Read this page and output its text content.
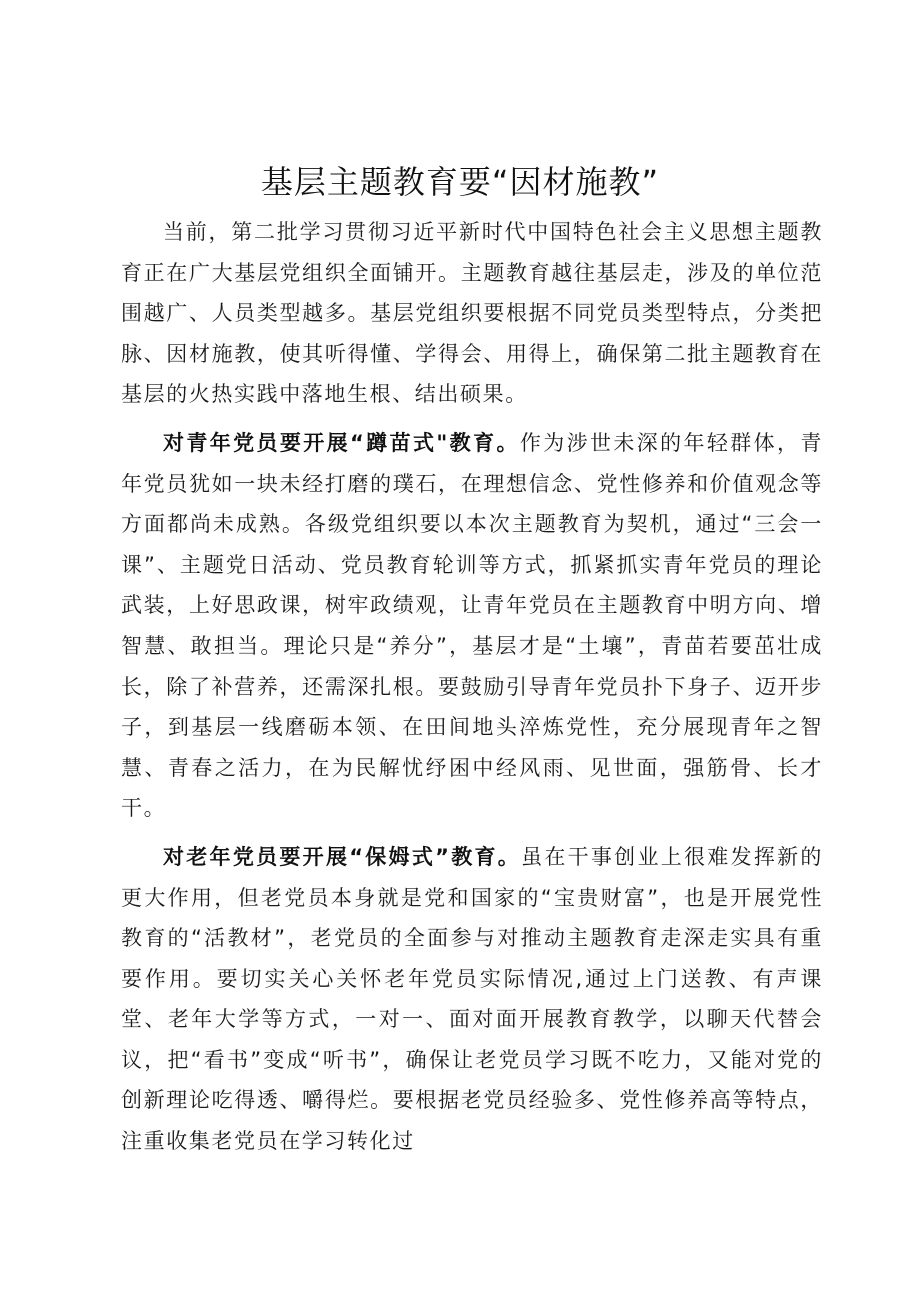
基层主题教育要“因材施教”

当前，第二批学习贯彻习近平新时代中国特色社会主义思想主题教育正在广大基层党组织全面铺开。主题教育越往基层走，涉及的单位范围越广、人员类型越多。基层党组织要根据不同党员类型特点，分类把脉、因材施教，使其听得懂、学得会、用得上，确保第二批主题教育在基层的火热实践中落地生根、结出硕果。

对青年党员要开展“蹲苗式"教育。作为涉世未深的年轻群体，青年党员犹如一块未经打磨的璞石，在理想信念、党性修养和价值观念等方面都尚未成熟。各级党组织要以本次主题教育为契机，通过“三会一课”、主题党日活动、党员教育轮训等方式，抓紧抓实青年党员的理论武装，上好思政课，树牢政绩观，让青年党员在主题教育中明方向、增智慧、敢担当。理论只是“养分”，基层才是“土壤”，青苗若要茁壮成长，除了补营养，还需深扎根。要鼓励引导青年党员扑下身子、迈开步子，到基层一线磨砺本领、在田间地头淬炼党性，充分展现青年之智慧、青春之活力，在为民解忧纾困中经风雨、见世面，强筋骨、长才干。

对老年党员要开展“保姆式”教育。虽在干事创业上很难发挥新的更大作用，但老党员本身就是党和国家的“宝贵财富”，也是开展党性教育的“活教材”，老党员的全面参与对推动主题教育走深走实具有重要作用。要切实关心关怀老年党员实际情况,通过上门送教、有声课堂、老年大学等方式，一对一、面对面开展教育教学，以聊天代替会议，把“看书”变成“听书”，确保让老党员学习既不吃力，又能对党的创新理论吃得透、嚼得烂。要根据老党员经验多、党性修养高等特点，注重收集老党员在学习转化过
